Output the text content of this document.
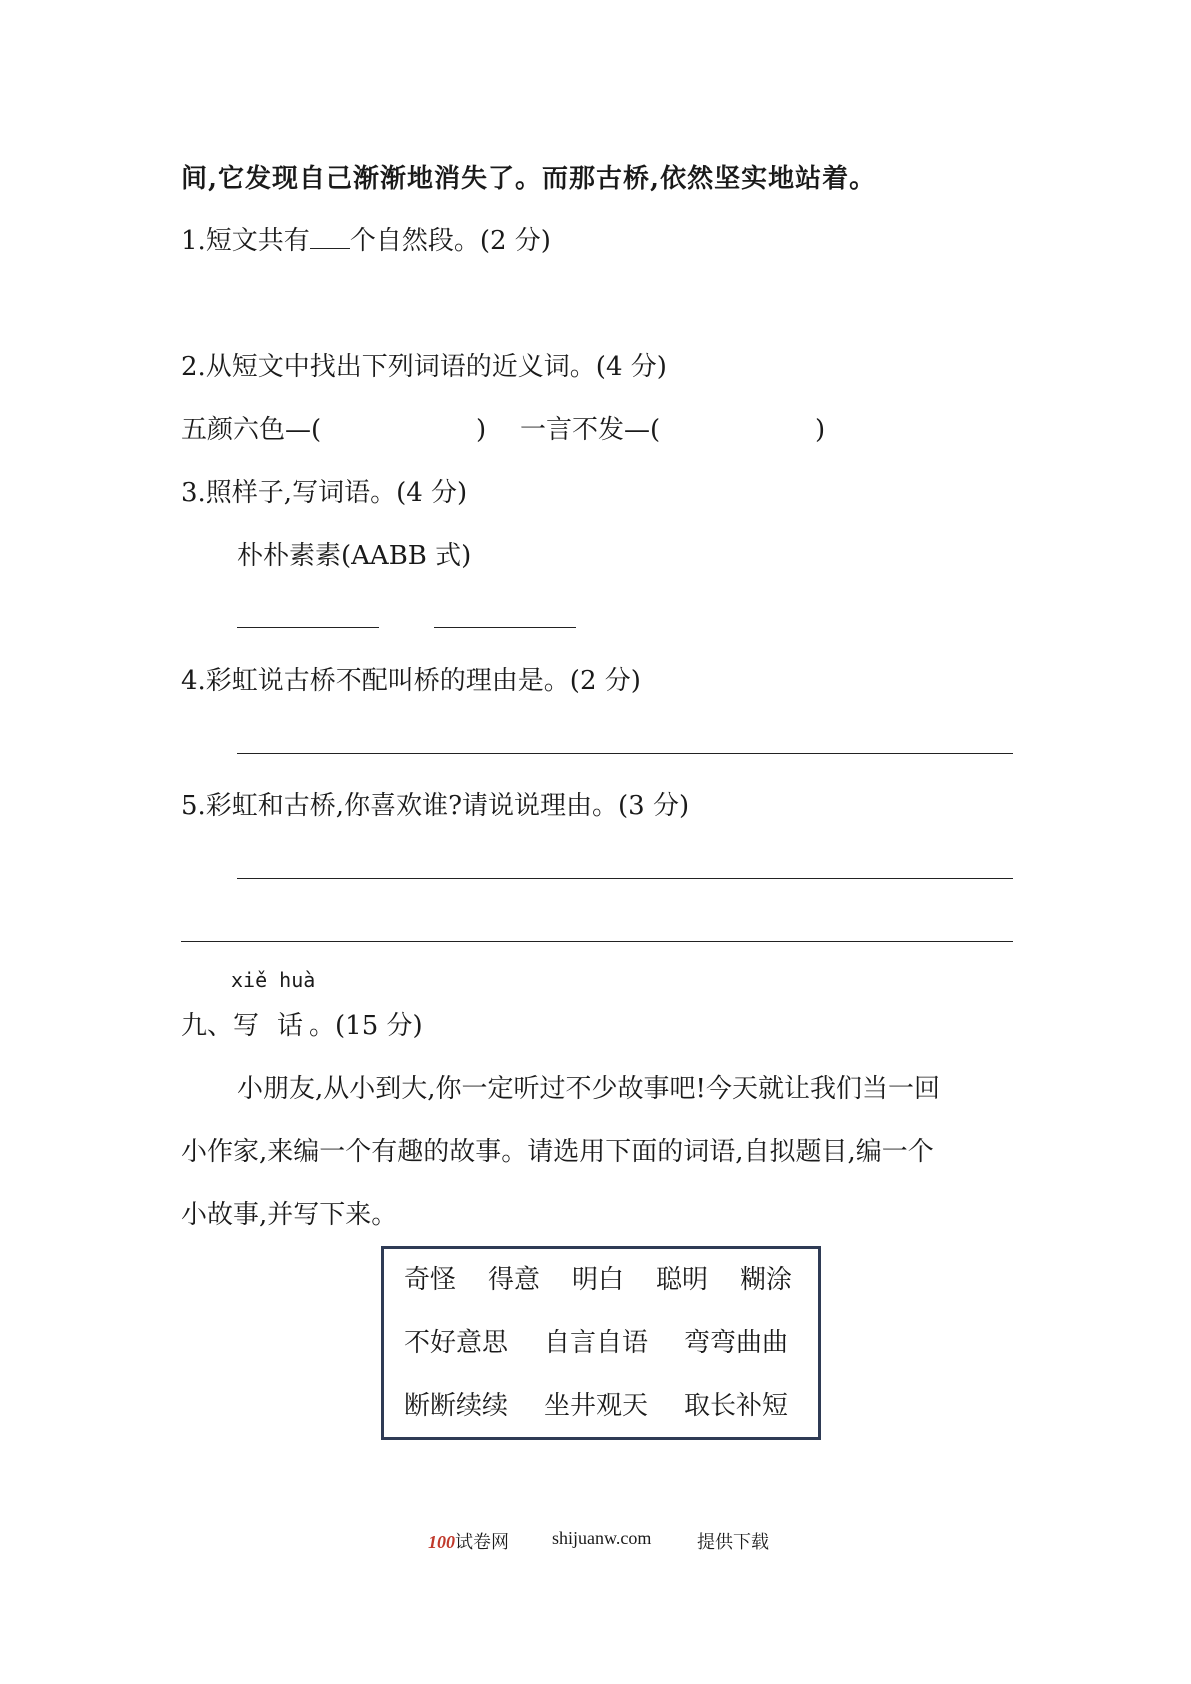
间,它发现自己渐渐地消失了。而那古桥,依然坚实地站着。
1.短文共有 个自然段。(2 分)
2.从短文中找出下列词语的近义词。(4 分)
五颜六色—(	) 一言不发—(	)
3.照样子,写词语。(4 分)
朴朴素素(AABB 式)
4.彩虹说古桥不配叫桥的理由是。(2 分)
5.彩虹和古桥,你喜欢谁?请说说理由。(3 分)
xiě huà
九、写 话 。(15 分)
小朋友,从小到大,你一定听过不少故事吧!今天就让我们当一回
小作家,来编一个有趣的故事。请选用下面的词语,自拟题目,编一个
小故事,并写下来。
奇怪 得意 明白 聪明 糊涂
不好意思 自言自语 弯弯曲曲
断断续续 坐井观天 取长补短
100试卷网 shijuanw.com	提供下载
